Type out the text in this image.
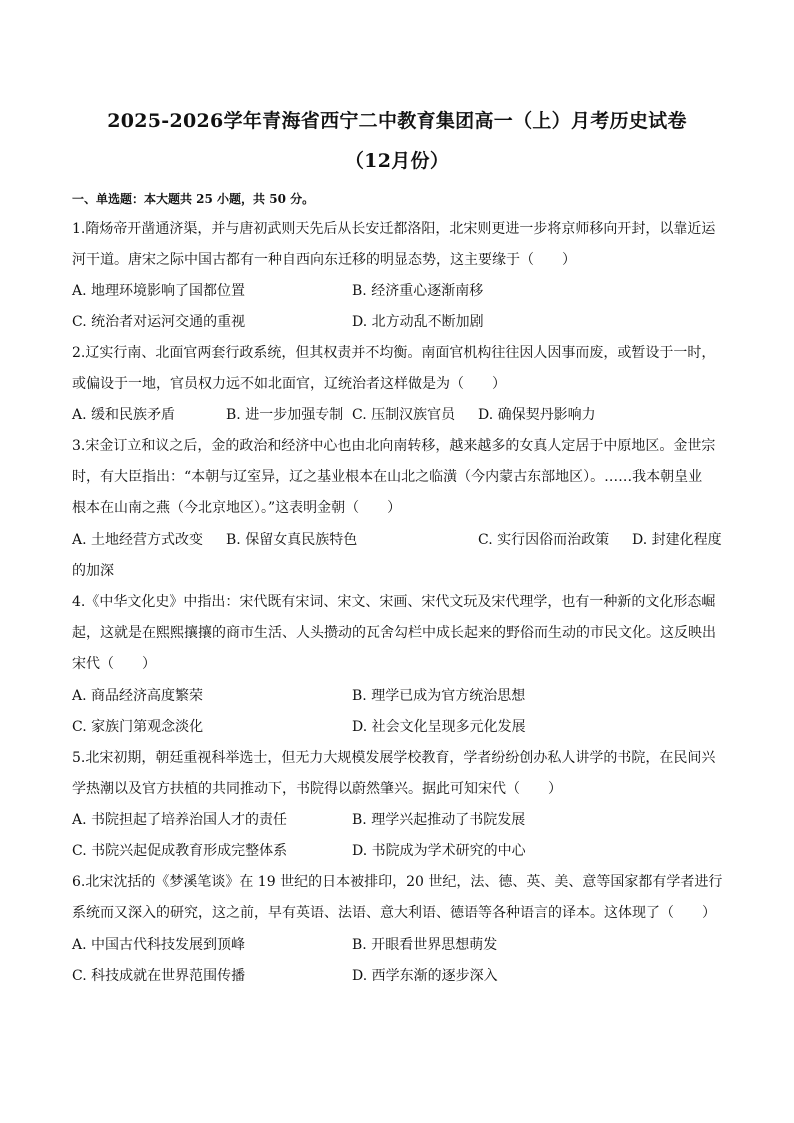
2025-2026学年青海省西宁二中教育集团高一（上）月考历史试卷
（12月份）
一、单选题：本大题共 25 小题，共 50 分。
1.隋炀帝开凿通济渠，并与唐初武则天先后从长安迁都洛阳，北宋则更进一步将京师移向开封，以靠近运
河干道。唐宋之际中国古都有一种自西向东迁移的明显态势，这主要缘于（　　）
A. 地理环境影响了国都位置	B. 经济重心逐渐南移
C. 统治者对运河交通的重视	D. 北方动乱不断加剧
2.辽实行南、北面官两套行政系统，但其权责并不均衡。南面官机构往往因人因事而废，或暂设于一时，
或偏设于一地，官员权力远不如北面官，辽统治者这样做是为（　　）
A. 缓和民族矛盾	B. 进一步加强专制 C. 压制汉族官员 D. 确保契丹影响力
3.宋金订立和议之后，金的政治和经济中心也由北向南转移，越来越多的女真人定居于中原地区。金世宗
时，有大臣指出：“本朝与辽室异，辽之基业根本在山北之临潢（今内蒙古东部地区）。……我本朝皇业
根本在山南之燕（今北京地区）。”这表明金朝（　　）
A. 土地经营方式改变 B. 保留女真民族特色	C. 实行因俗而治政策 D. 封建化程度
的加深
4.《中华文化史》中指出：宋代既有宋词、宋文、宋画、宋代文玩及宋代理学，也有一种新的文化形态崛
起，这就是在熙熙攘攘的商市生活、人头攒动的瓦舍勾栏中成长起来的野俗而生动的市民文化。这反映出
宋代（　　）
A. 商品经济高度繁荣	B. 理学已成为官方统治思想
C. 家族门第观念淡化	D. 社会文化呈现多元化发展
5.北宋初期，朝廷重视科举选士，但无力大规模发展学校教育，学者纷纷创办私人讲学的书院，在民间兴
学热潮以及官方扶植的共同推动下，书院得以蔚然肇兴。据此可知宋代（　　）
A. 书院担起了培养治国人才的责任	B. 理学兴起推动了书院发展
C. 书院兴起促成教育形成完整体系	D. 书院成为学术研究的中心
6.北宋沈括的《梦溪笔谈》在 19 世纪的日本被排印，20 世纪，法、德、英、美、意等国家都有学者进行
系统而又深入的研究，这之前，早有英语、法语、意大利语、德语等各种语言的译本。这体现了（　　）
A. 中国古代科技发展到顶峰	B. 开眼看世界思想萌发
C. 科技成就在世界范围传播	D. 西学东渐的逐步深入
